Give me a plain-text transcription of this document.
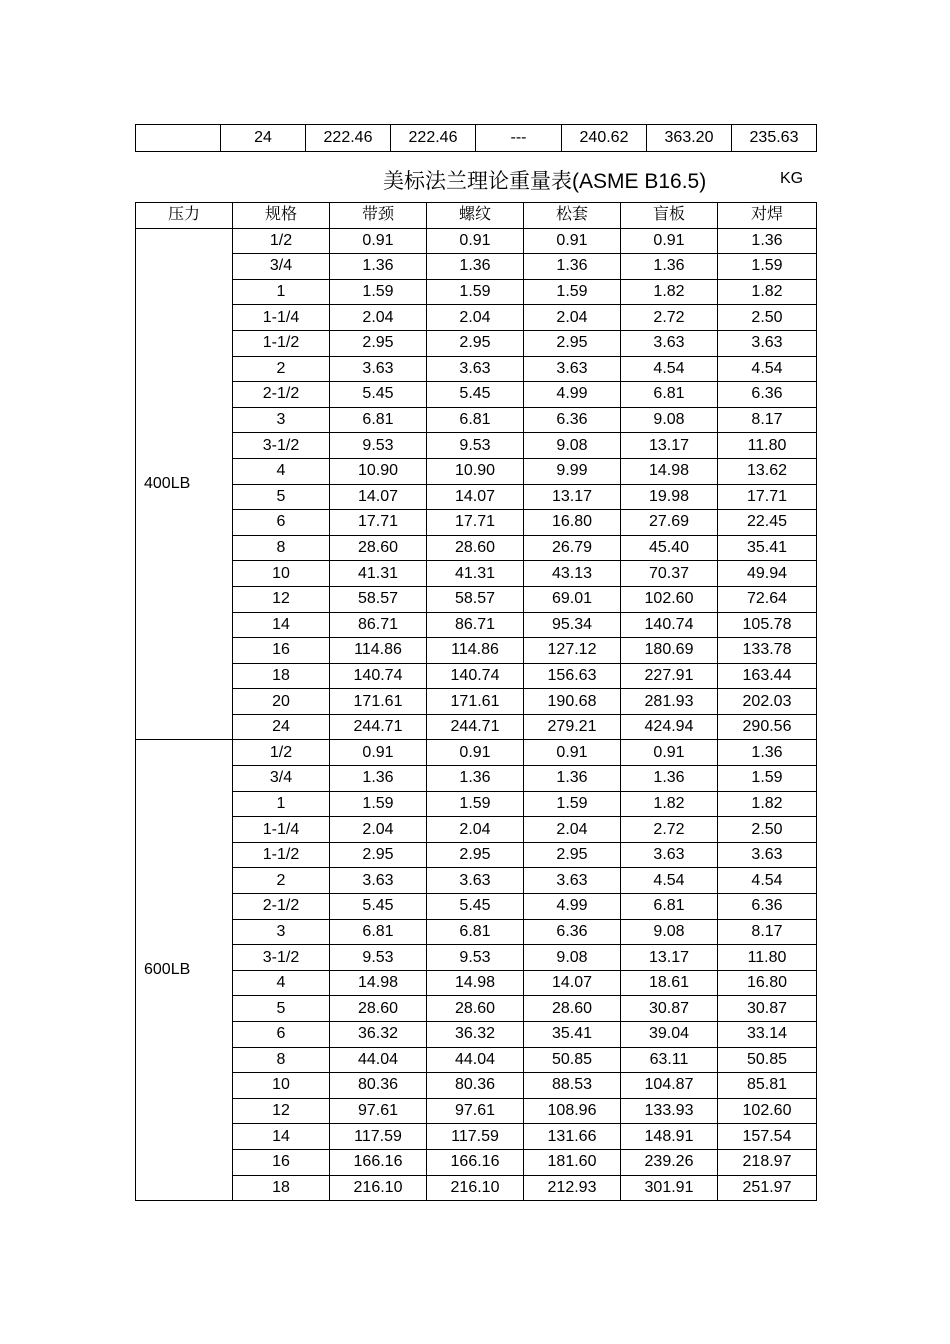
	24	222.46	222.46	---	240.62	363.20	235.63
美标法兰理论重量表(ASME B16.5)	KG
压力	规格	带颈	螺纹	松套	盲板	对焊
400LB	1/2	0.91	0.91	0.91	0.91	1.36
	3/4	1.36	1.36	1.36	1.36	1.59
	1	1.59	1.59	1.59	1.82	1.82
	1-1/4	2.04	2.04	2.04	2.72	2.50
	1-1/2	2.95	2.95	2.95	3.63	3.63
	2	3.63	3.63	3.63	4.54	4.54
	2-1/2	5.45	5.45	4.99	6.81	6.36
	3	6.81	6.81	6.36	9.08	8.17
	3-1/2	9.53	9.53	9.08	13.17	11.80
	4	10.90	10.90	9.99	14.98	13.62
	5	14.07	14.07	13.17	19.98	17.71
	6	17.71	17.71	16.80	27.69	22.45
	8	28.60	28.60	26.79	45.40	35.41
	10	41.31	41.31	43.13	70.37	49.94
	12	58.57	58.57	69.01	102.60	72.64
	14	86.71	86.71	95.34	140.74	105.78
	16	114.86	114.86	127.12	180.69	133.78
	18	140.74	140.74	156.63	227.91	163.44
	20	171.61	171.61	190.68	281.93	202.03
	24	244.71	244.71	279.21	424.94	290.56
600LB	1/2	0.91	0.91	0.91	0.91	1.36
	3/4	1.36	1.36	1.36	1.36	1.59
	1	1.59	1.59	1.59	1.82	1.82
	1-1/4	2.04	2.04	2.04	2.72	2.50
	1-1/2	2.95	2.95	2.95	3.63	3.63
	2	3.63	3.63	3.63	4.54	4.54
	2-1/2	5.45	5.45	4.99	6.81	6.36
	3	6.81	6.81	6.36	9.08	8.17
	3-1/2	9.53	9.53	9.08	13.17	11.80
	4	14.98	14.98	14.07	18.61	16.80
	5	28.60	28.60	28.60	30.87	30.87
	6	36.32	36.32	35.41	39.04	33.14
	8	44.04	44.04	50.85	63.11	50.85
	10	80.36	80.36	88.53	104.87	85.81
	12	97.61	97.61	108.96	133.93	102.60
	14	117.59	117.59	131.66	148.91	157.54
	16	166.16	166.16	181.60	239.26	218.97
	18	216.10	216.10	212.93	301.91	251.97
